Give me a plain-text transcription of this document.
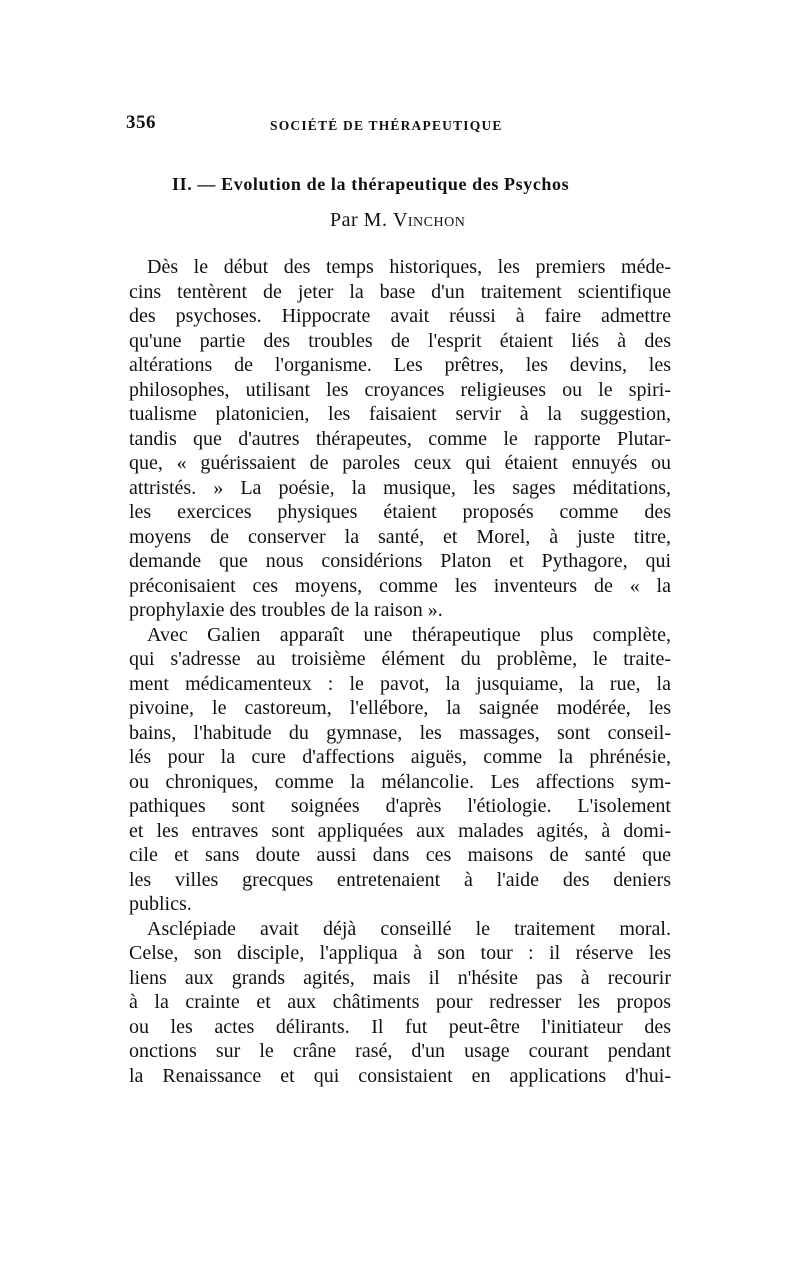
356	SOCIÉTÉ DE THÉRAPEUTIQUE
II. — Evolution de la thérapeutique des Psychos
Par M. Vinchon
Dès le début des temps historiques, les premiers méde-
cins tentèrent de jeter la base d'un traitement scientifique
des psychoses. Hippocrate avait réussi à faire admettre
qu'une partie des troubles de l'esprit étaient liés à des
altérations de l'organisme. Les prêtres, les devins, les
philosophes, utilisant les croyances religieuses ou le spiri-
tualisme platonicien, les faisaient servir à la suggestion,
tandis que d'autres thérapeutes, comme le rapporte Plutar-
que, « guérissaient de paroles ceux qui étaient ennuyés ou
attristés. » La poésie, la musique, les sages méditations,
les exercices physiques étaient proposés comme des
moyens de conserver la santé, et Morel, à juste titre,
demande que nous considérions Platon et Pythagore, qui
préconisaient ces moyens, comme les inventeurs de « la
prophylaxie des troubles de la raison ».
Avec Galien apparaît une thérapeutique plus complète,
qui s'adresse au troisième élément du problème, le traite-
ment médicamenteux : le pavot, la jusquiame, la rue, la
pivoine, le castoreum, l'ellébore, la saignée modérée, les
bains, l'habitude du gymnase, les massages, sont conseil-
lés pour la cure d'affections aiguës, comme la phrénésie,
ou chroniques, comme la mélancolie. Les affections sym-
pathiques sont soignées d'après l'étiologie. L'isolement
et les entraves sont appliquées aux malades agités, à domi-
cile et sans doute aussi dans ces maisons de santé que
les villes grecques entretenaient à l'aide des deniers
publics.
Asclépiade avait déjà conseillé le traitement moral.
Celse, son disciple, l'appliqua à son tour : il réserve les
liens aux grands agités, mais il n'hésite pas à recourir
à la crainte et aux châtiments pour redresser les propos
ou les actes délirants. Il fut peut-être l'initiateur des
onctions sur le crâne rasé, d'un usage courant pendant
la Renaissance et qui consistaient en applications d'hui-
